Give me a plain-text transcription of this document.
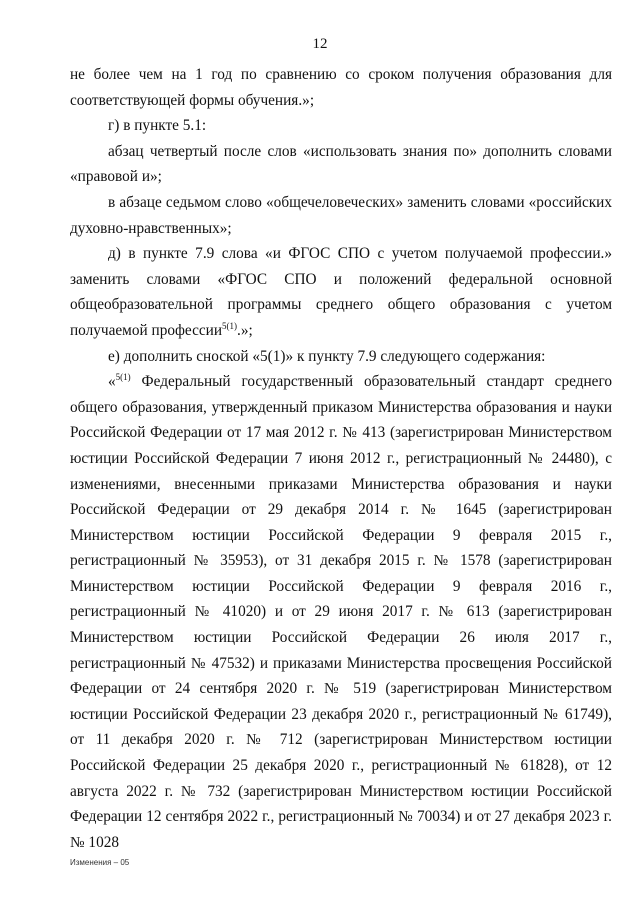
12

не более чем на 1 год по сравнению со сроком получения образования для соответствующей формы обучения.»;

г) в пункте 5.1:

абзац четвертый после слов «использовать знания по» дополнить словами «правовой и»;

в абзаце седьмом слово «общечеловеческих» заменить словами «российских духовно-нравственных»;

д) в пункте 7.9 слова «и ФГОС СПО с учетом получаемой профессии.» заменить словами «ФГОС СПО и положений федеральной основной общеобразовательной программы среднего общего образования с учетом получаемой профессии$^{5(1)}$.»;

е) дополнить сноской «5(1)» к пункту 7.9 следующего содержания:

«$^{5(1)}$ Федеральный государственный образовательный стандарт среднего общего образования, утвержденный приказом Министерства образования и науки Российской Федерации от 17 мая 2012 г. № 413 (зарегистрирован Министерством юстиции Российской Федерации 7 июня 2012 г., регистрационный № 24480), с изменениями, внесенными приказами Министерства образования и науки Российской Федерации от 29 декабря 2014 г. № 1645 (зарегистрирован Министерством юстиции Российской Федерации 9 февраля 2015 г., регистрационный № 35953), от 31 декабря 2015 г. № 1578 (зарегистрирован Министерством юстиции Российской Федерации 9 февраля 2016 г., регистрационный № 41020) и от 29 июня 2017 г. № 613 (зарегистрирован Министерством юстиции Российской Федерации 26 июля 2017 г., регистрационный № 47532) и приказами Министерства просвещения Российской Федерации от 24 сентября 2020 г. № 519 (зарегистрирован Министерством юстиции Российской Федерации 23 декабря 2020 г., регистрационный № 61749), от 11 декабря 2020 г. № 712 (зарегистрирован Министерством юстиции Российской Федерации 25 декабря 2020 г., регистрационный № 61828), от 12 августа 2022 г. № 732 (зарегистрирован Министерством юстиции Российской Федерации 12 сентября 2022 г., регистрационный № 70034) и от 27 декабря 2023 г. № 1028

Изменения – 05
